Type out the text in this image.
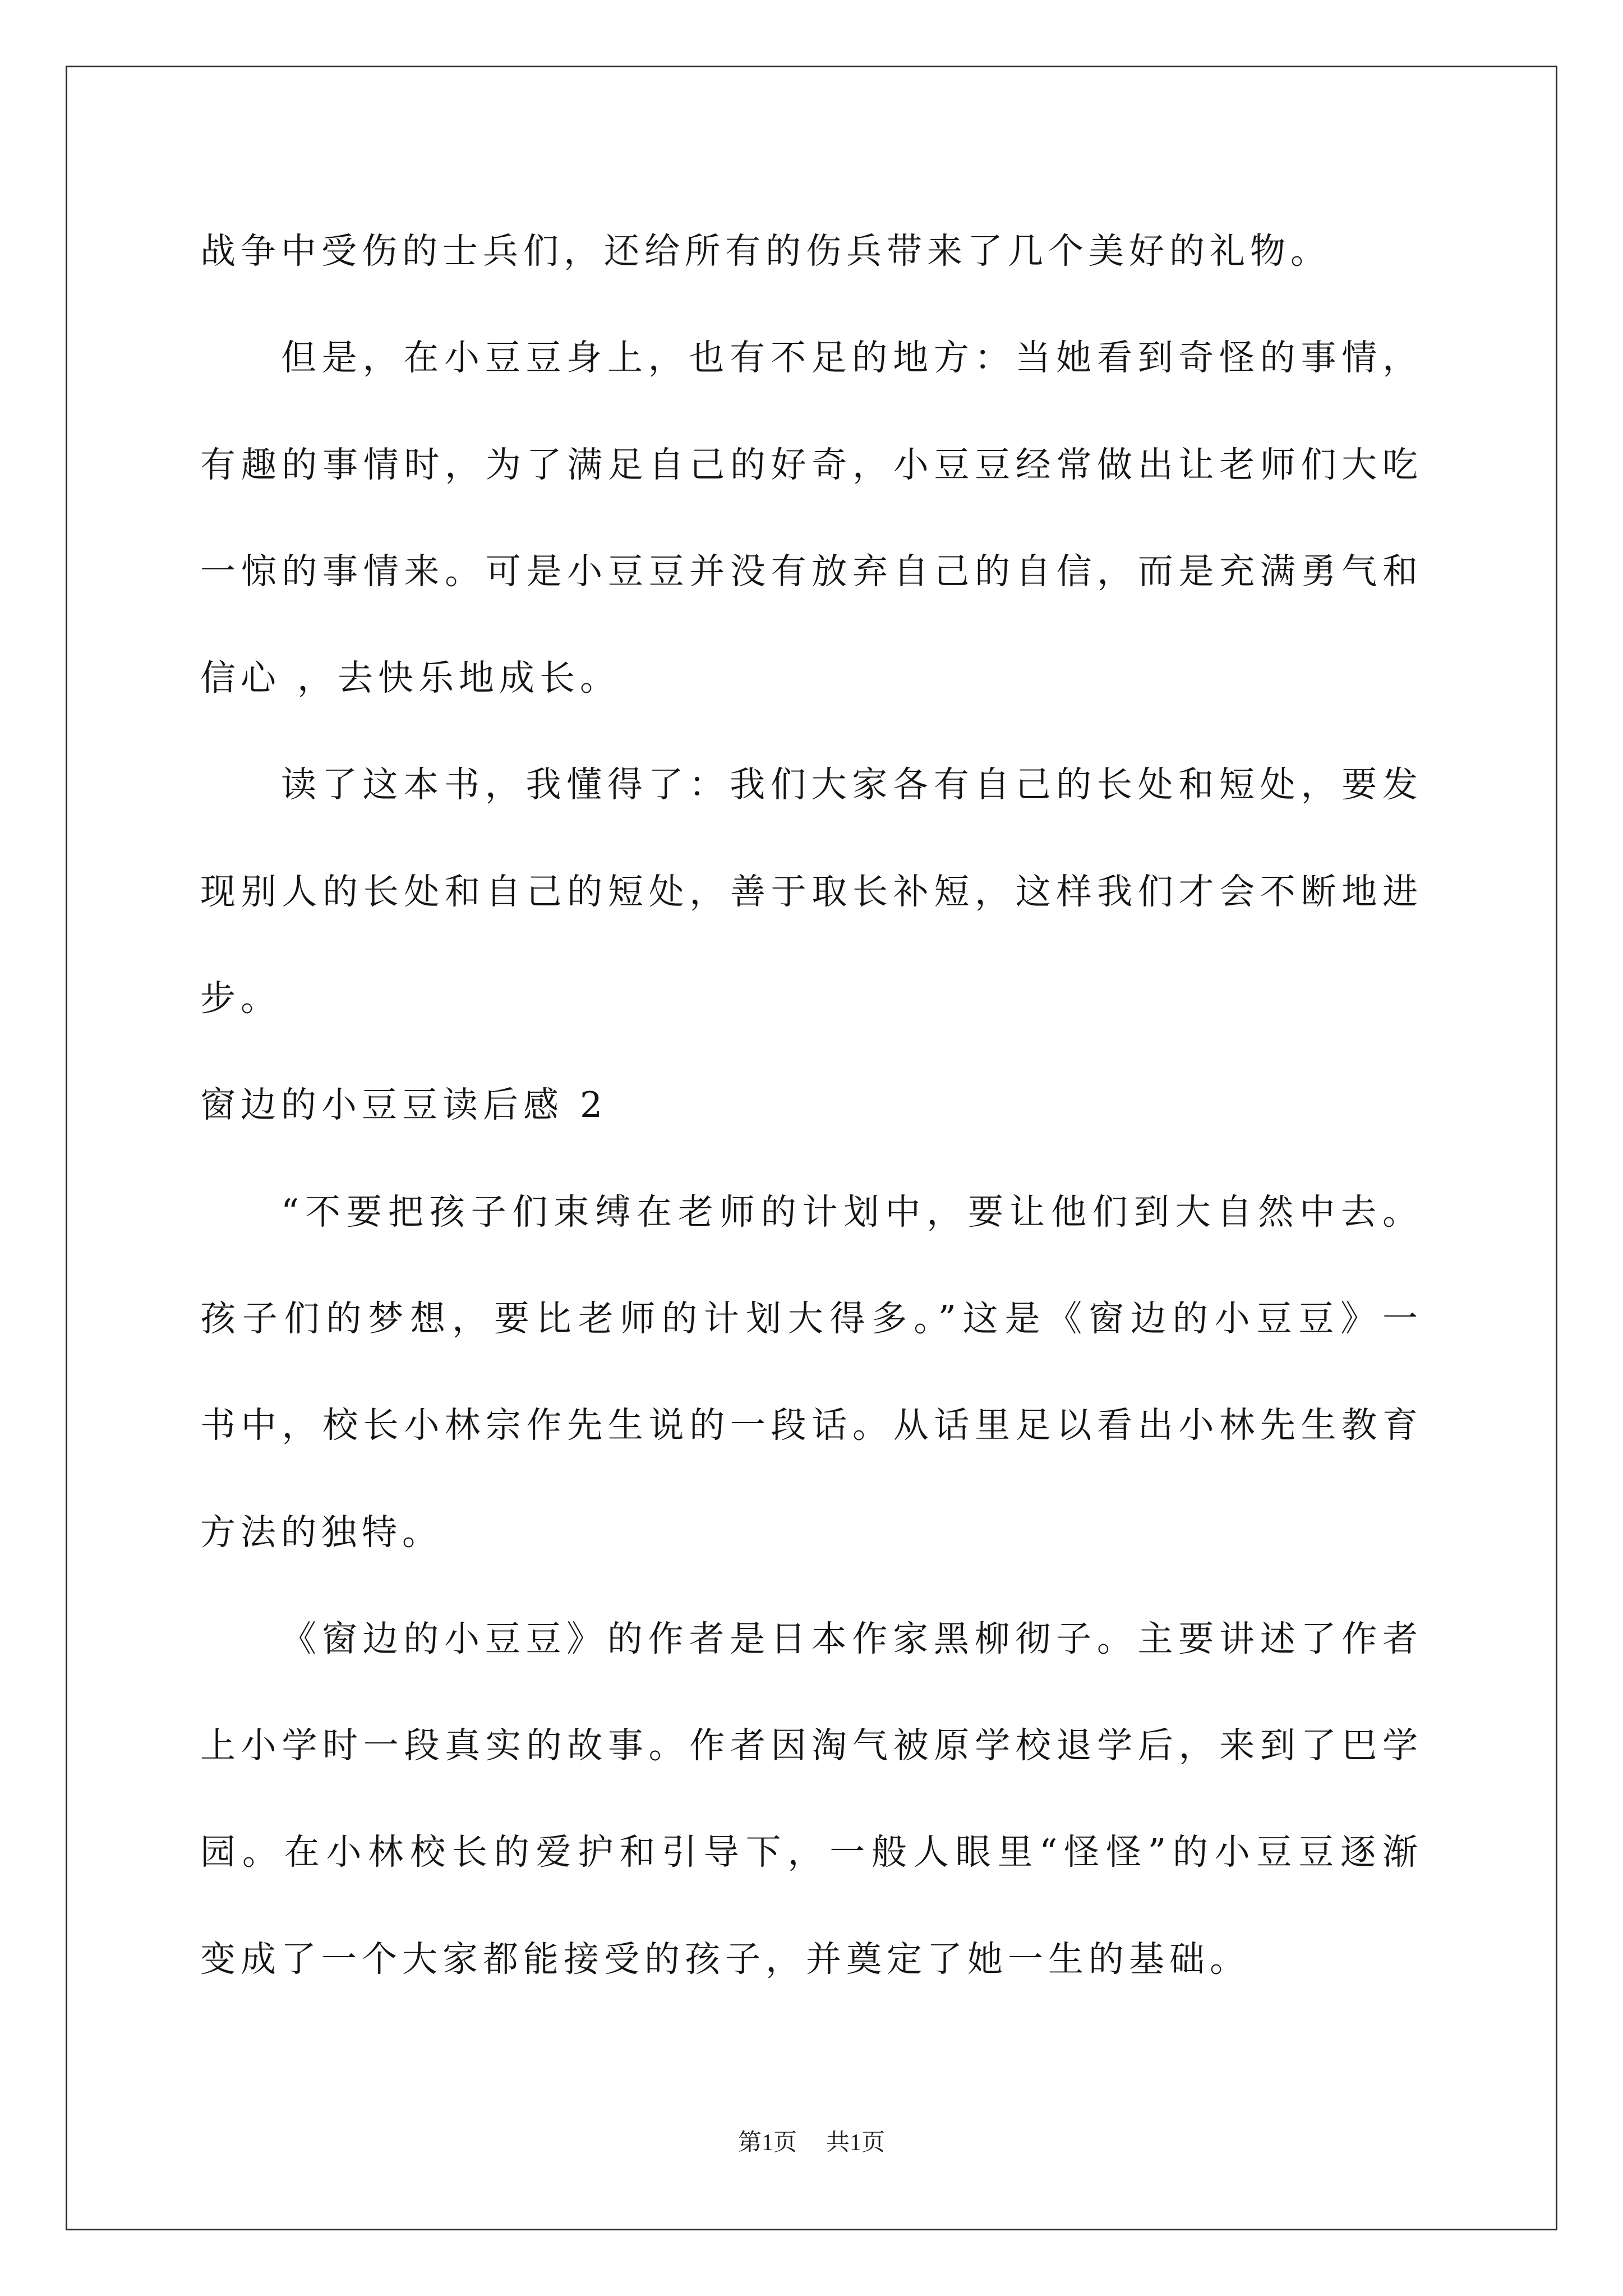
战争中受伤的士兵们，还给所有的伤兵带来了几个美好的礼物。
但是，在小豆豆身上，也有不足的地方：当她看到奇怪的事情，
有趣的事情时，为了满足自己的好奇，小豆豆经常做出让老师们大吃
一惊的事情来。可是小豆豆并没有放弃自己的自信，而是充满勇气和
信心 ，去快乐地成长。
读了这本书，我懂得了：我们大家各有自己的长处和短处，要发
现别人的长处和自己的短处，善于取长补短，这样我们才会不断地进
步。
窗边的小豆豆读后感 2
“不要把孩子们束缚在老师的计划中，要让他们到大自然中去。
孩子们的梦想，要比老师的计划大得多。”这是《窗边的小豆豆》一
书中，校长小林宗作先生说的一段话。从话里足以看出小林先生教育
方法的独特。
《窗边的小豆豆》的作者是日本作家黑柳彻子。主要讲述了作者
上小学时一段真实的故事。作者因淘气被原学校退学后，来到了巴学
园。在小林校长的爱护和引导下，一般人眼里“怪怪”的小豆豆逐渐
变成了一个大家都能接受的孩子，并奠定了她一生的基础。
第1页 共1页
